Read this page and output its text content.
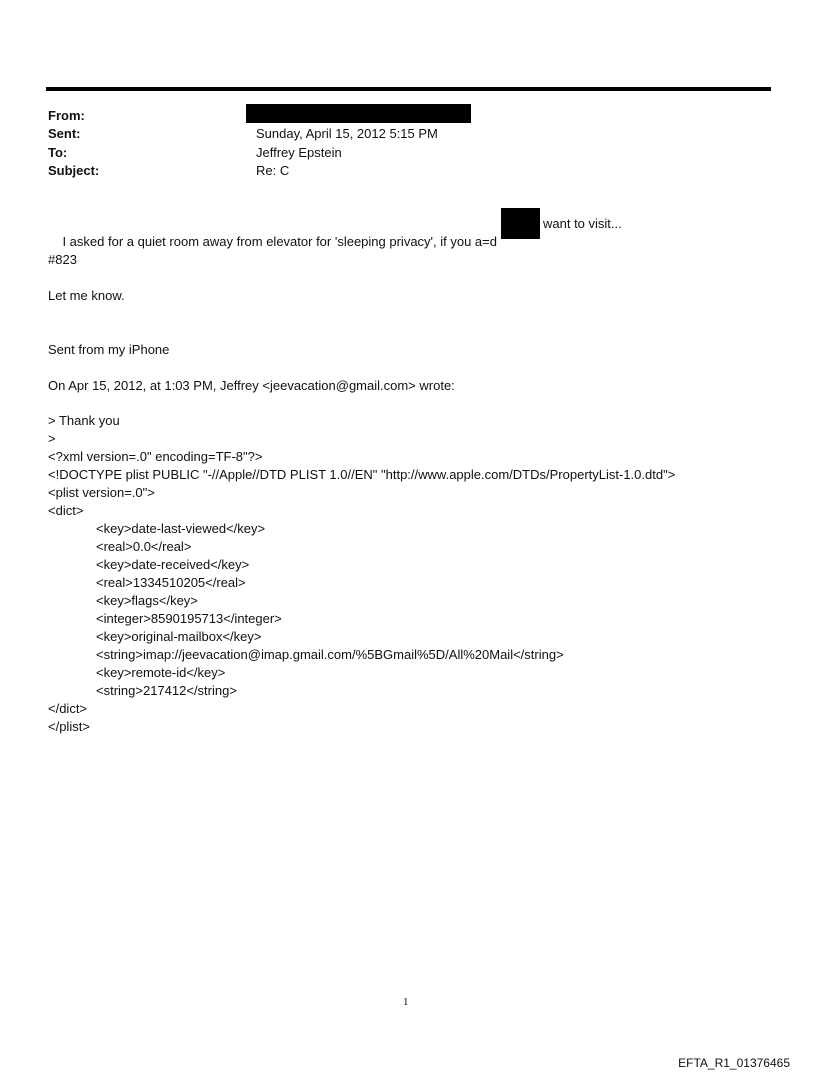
From:
Sent:	Sunday, April 15, 2012 5:15 PM
To:	Jeffrey Epstein
Subject:	Re: C

I asked for a quiet room away from elevator for 'sleeping privacy', if you a=d

want to visit...
#823
Let me know.
Sent from my iPhone
On Apr 15, 2012, at 1:03 PM, Jeffrey <jeevacation@gmail.com> wrote:
> Thank you
>
<?xml version=.0" encoding=TF-8"?>
<!DOCTYPE plist PUBLIC "-//Apple//DTD PLIST 1.0//EN" "http://www.apple.com/DTDs/PropertyList-1.0.dtd">
<plist version=.0">
<dict>
<key>date-last-viewed</key>
<real>0.0</real>
<key>date-received</key>
<real>1334510205</real>
<key>flags</key>
<integer>8590195713</integer>
<key>original-mailbox</key>
<string>imap://jeevacation@imap.gmail.com/%5BGmail%5D/All%20Mail</string>
<key>remote-id</key>
<string>217412</string>
</dict>
</plist>
1
EFTA_R1_01376465
